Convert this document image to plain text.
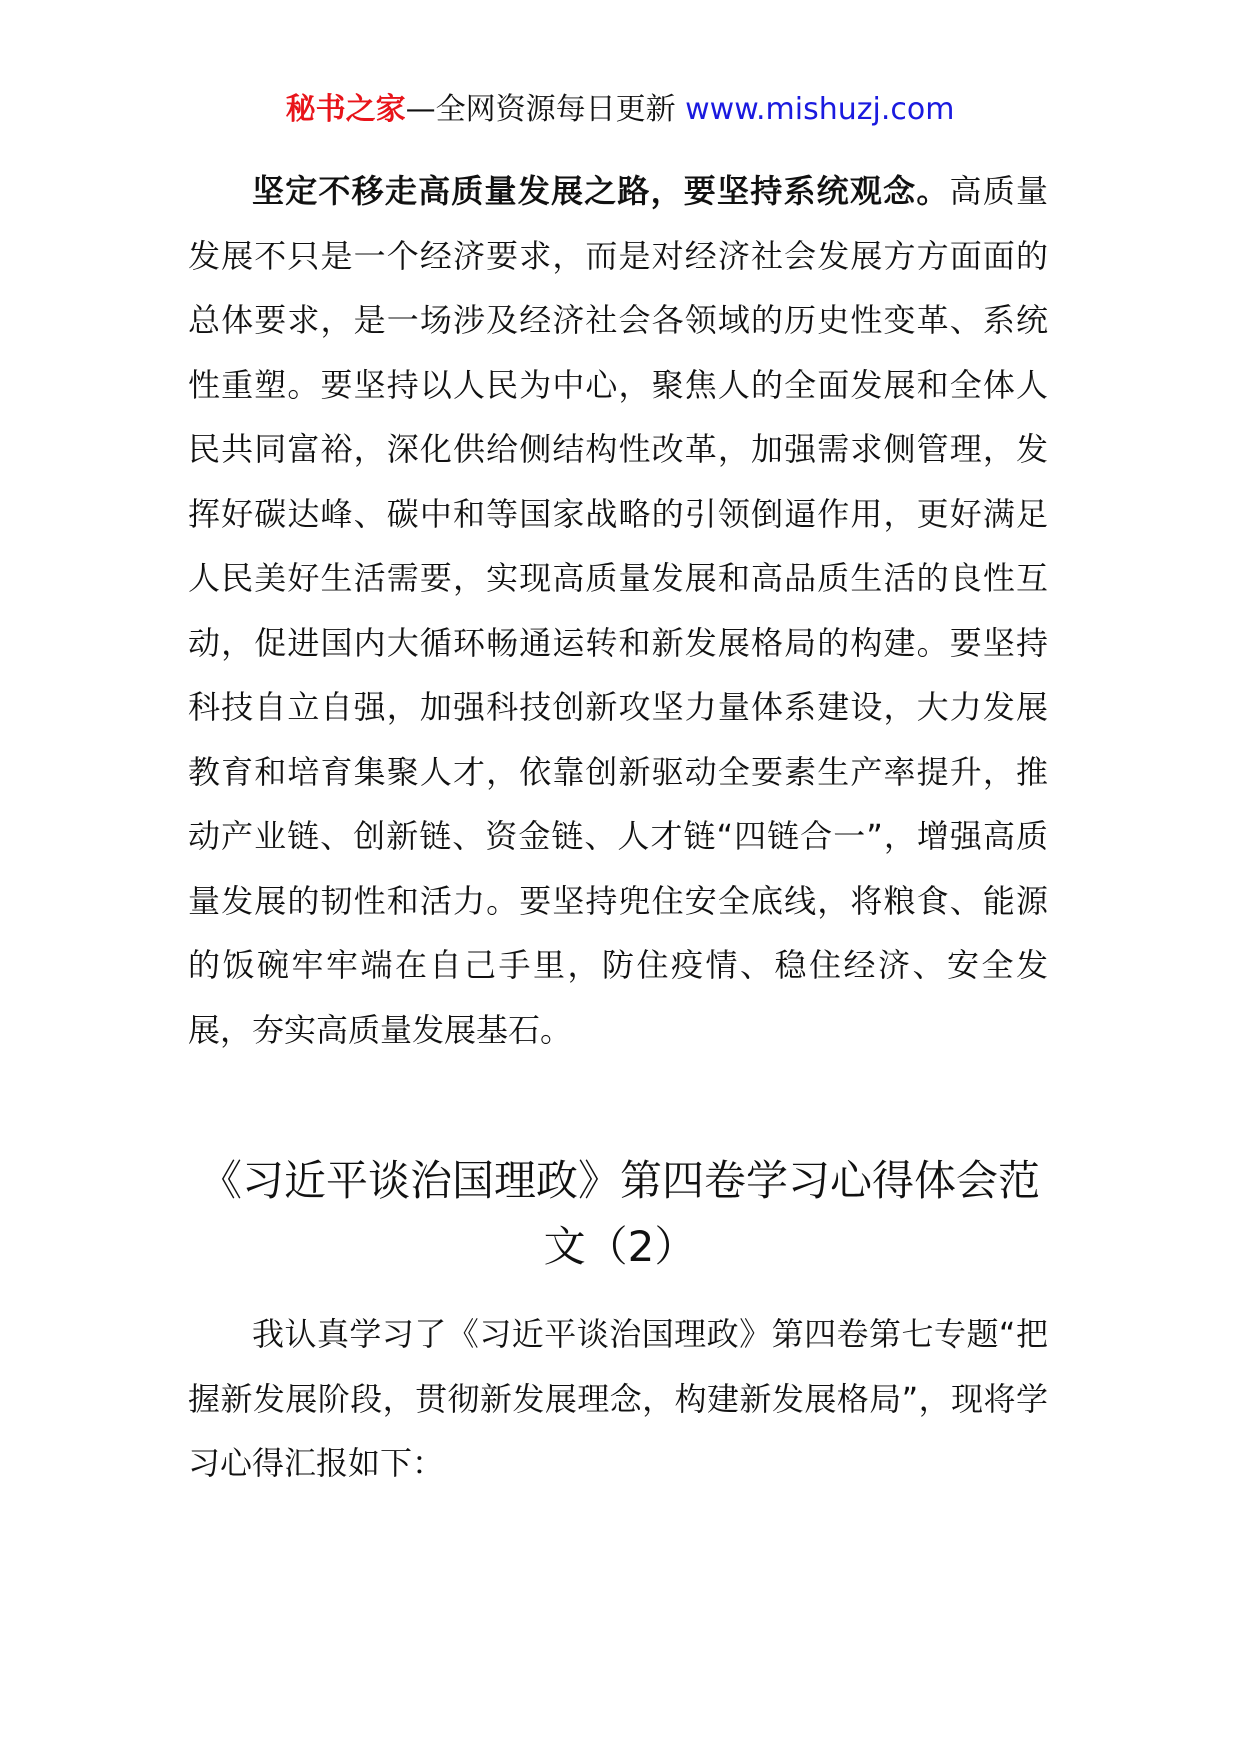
秘书之家—全网资源每日更新 www.mishuzj.com

坚定不移走高质量发展之路，要坚持系统观念。高质量发展不只是一个经济要求，而是对经济社会发展方方面面的总体要求，是一场涉及经济社会各领域的历史性变革、系统性重塑。要坚持以人民为中心，聚焦人的全面发展和全体人民共同富裕，深化供给侧结构性改革，加强需求侧管理，发挥好碳达峰、碳中和等国家战略的引领倒逼作用，更好满足人民美好生活需要，实现高质量发展和高品质生活的良性互动，促进国内大循环畅通运转和新发展格局的构建。要坚持科技自立自强，加强科技创新攻坚力量体系建设，大力发展教育和培育集聚人才，依靠创新驱动全要素生产率提升，推动产业链、创新链、资金链、人才链“四链合一”，增强高质量发展的韧性和活力。要坚持兜住安全底线，将粮食、能源的饭碗牢牢端在自己手里，防住疫情、稳住经济、安全发展，夯实高质量发展基石。

《习近平谈治国理政》第四卷学习心得体会范文（2）

我认真学习了《习近平谈治国理政》第四卷第七专题“把握新发展阶段，贯彻新发展理念，构建新发展格局”，现将学习心得汇报如下：
